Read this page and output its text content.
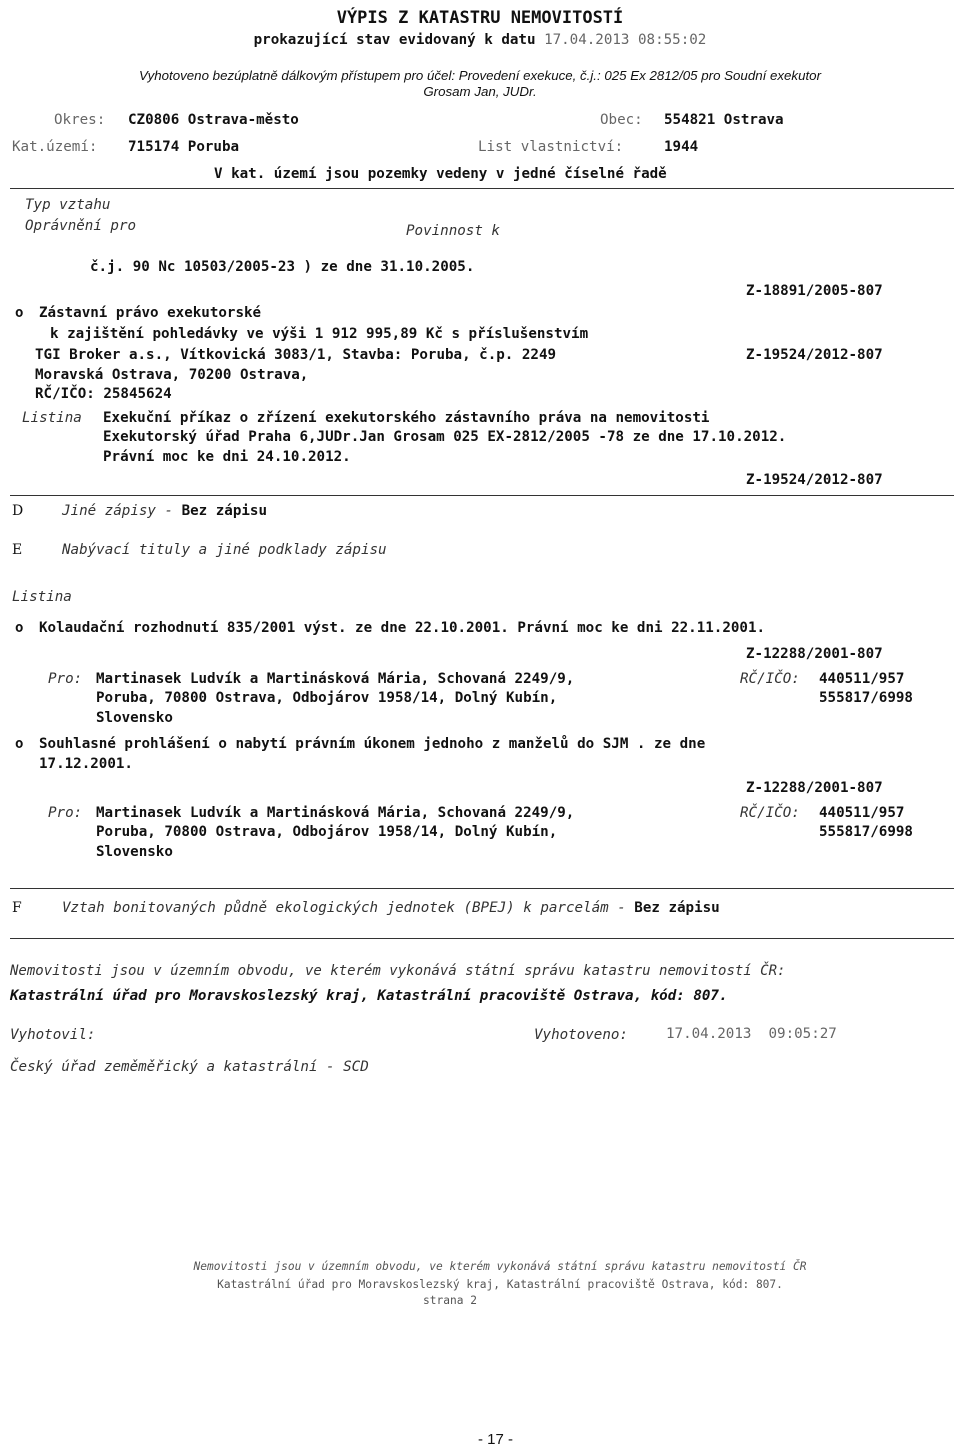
VÝPIS Z KATASTRU NEMOVITOSTÍ
prokazující stav evidovaný k datu 17.04.2013 08:55:02
Vyhotoveno bezúplatně dálkovým přístupem pro účel: Provedení exekuce, č.j.: 025 Ex 2812/05 pro Soudní exekutor
Grosam Jan, JUDr.
Okres: CZ0806 Ostrava-město	Obec: 554821 Ostrava
Kat.území: 715174 Poruba	List vlastnictví:	1944
V kat. území jsou pozemky vedeny v jedné číselné řadě
Typ vztahu
Oprávnění pro	Povinnost k
č.j. 90 Nc 10503/2005-23 ) ze dne 31.10.2005.
Z-18891/2005-807
o Zástavní právo exekutorské
k zajištění pohledávky ve výši 1 912 995,89 Kč s příslušenstvím
TGI Broker a.s., Vítkovická 3083/1, Stavba: Poruba, č.p. 2249	Z-19524/2012-807
Moravská Ostrava, 70200 Ostrava,
RČ/IČO: 25845624
Listina Exekuční příkaz o zřízení exekutorského zástavního práva na nemovitosti
Exekutorský úřad Praha 6,JUDr.Jan Grosam 025 EX-2812/2005 -78 ze dne 17.10.2012.
Právní moc ke dni 24.10.2012.
Z-19524/2012-807
D	Jiné zápisy - Bez zápisu
E	Nabývací tituly a jiné podklady zápisu
Listina
o Kolaudační rozhodnutí 835/2001 výst. ze dne 22.10.2001. Právní moc ke dni 22.11.2001.
Z-12288/2001-807
Pro: Martinasek Ludvík a Martinásková Mária, Schovaná 2249/9,
Poruba, 70800 Ostrava, Odbojárov 1958/14, Dolný Kubín,
Slovensko
RČ/IČO: 440511/957
555817/6998
o Souhlasné prohlášení o nabytí právním úkonem jednoho z manželů do SJM . ze dne
17.12.2001.
Z-12288/2001-807
Pro: Martinasek Ludvík a Martinásková Mária, Schovaná 2249/9,
Poruba, 70800 Ostrava, Odbojárov 1958/14, Dolný Kubín,
Slovensko
RČ/IČO: 440511/957
555817/6998
F	Vztah bonitovaných půdně ekologických jednotek (BPEJ) k parcelám - Bez zápisu
Nemovitosti jsou v územním obvodu, ve kterém vykonává státní správu katastru nemovitostí ČR:
Katastrální úřad pro Moravskoslezský kraj, Katastrální pracoviště Ostrava, kód: 807.
Vyhotovil:	Vyhotoveno:	17.04.2013  09:05:27
Český úřad zeměměřický a katastrální - SCD
Nemovitosti jsou v územním obvodu, ve kterém vykonává státní správu katastru nemovitostí ČR
Katastrální úřad pro Moravskoslezský kraj, Katastrální pracoviště Ostrava, kód: 807.
strana 2
- 17 -
